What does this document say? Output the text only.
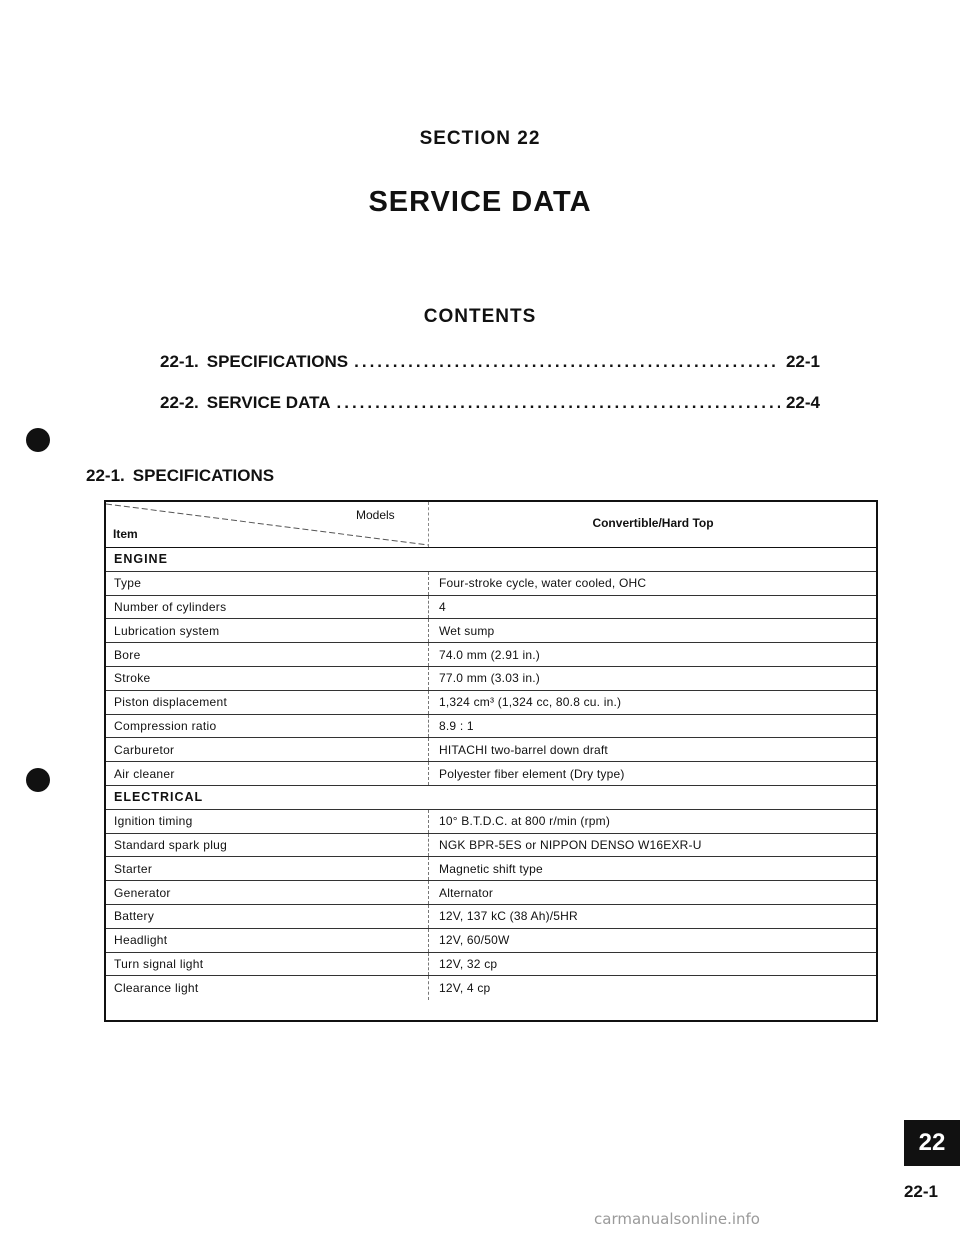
SECTION 22
SERVICE DATA
CONTENTS
22-1. SPECIFICATIONS .....	22-1
22-2. SERVICE DATA .....	22-4
22-1. SPECIFICATIONS
Models
Item
Convertible/Hard Top
ENGINE
Type	Four-stroke cycle, water cooled, OHC
Number of cylinders	4
Lubrication system	Wet sump
Bore	74.0 mm (2.91 in.)
Stroke	77.0 mm (3.03 in.)
Piston displacement	1,324 cm³ (1,324 cc, 80.8 cu. in.)
Compression ratio	8.9 : 1
Carburetor	HITACHI two-barrel down draft
Air cleaner	Polyester fiber element (Dry type)
ELECTRICAL
Ignition timing	10° B.T.D.C. at 800 r/min (rpm)
Standard spark plug	NGK BPR-5ES or NIPPON DENSO W16EXR-U
Starter	Magnetic shift type
Generator	Alternator
Battery	12V, 137 kC (38 Ah)/5HR
Headlight	12V, 60/50W
Turn signal light	12V, 32 cp
Clearance light	12V, 4 cp
22
22-1
carmanualsonline.info
